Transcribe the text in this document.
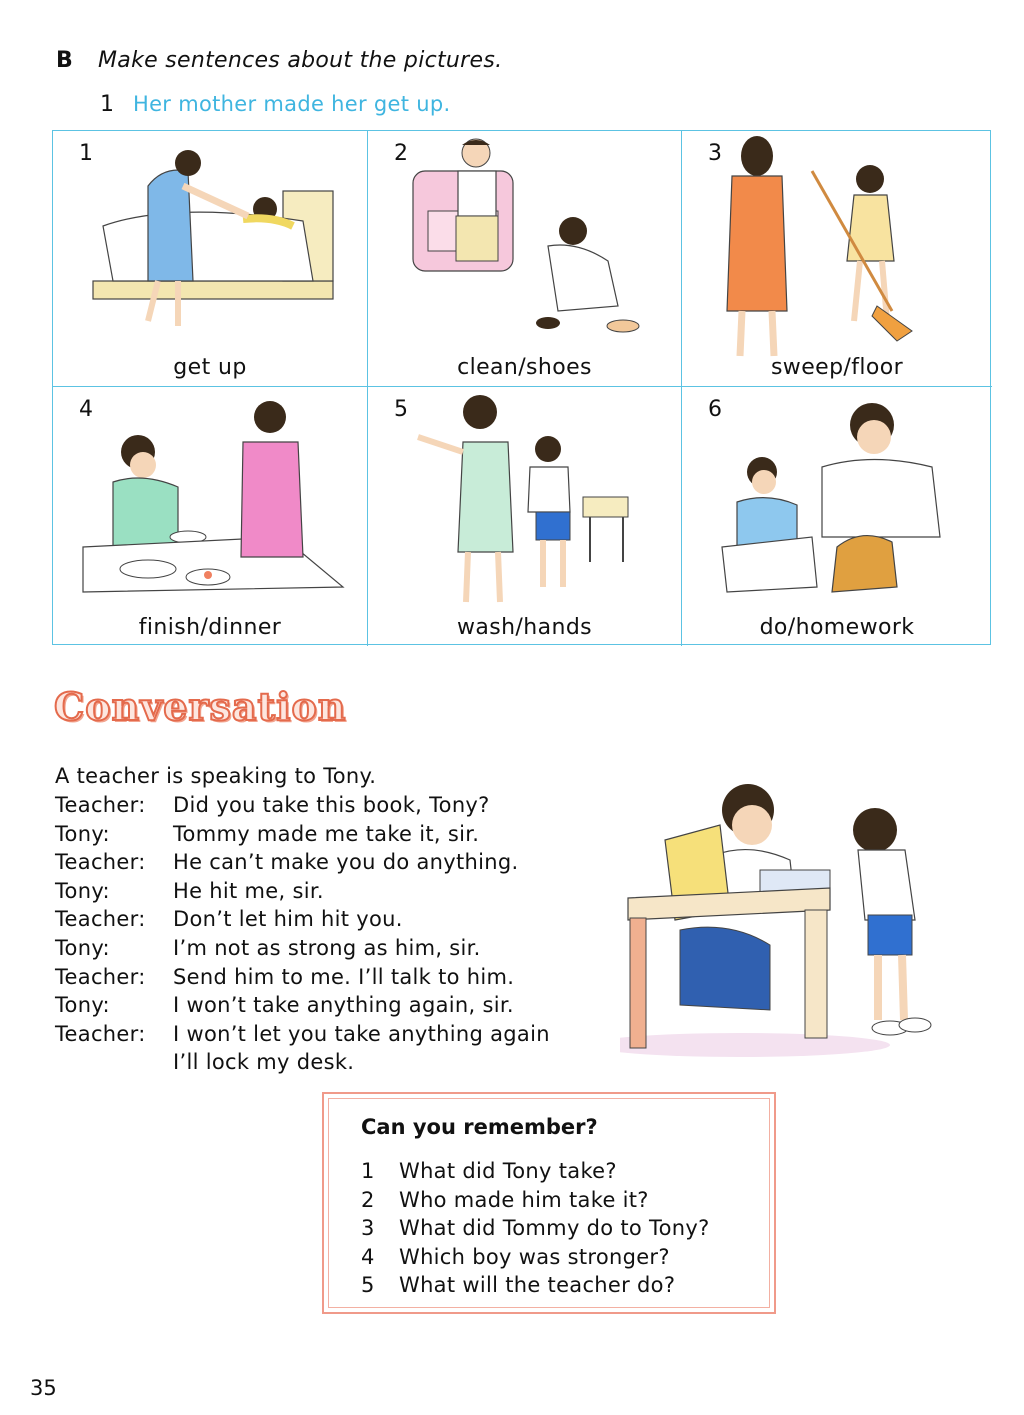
B Make sentences about the pictures.
1 Her mother made her get up.
1
get up
2
clean/shoes
3
sweep/floor
4
finish/dinner
5
wash/hands
6
do/homework
Conversation
A teacher is speaking to Tony.
Teacher:	Did you take this book, Tony?
Tony:	Tommy made me take it, sir.
Teacher:	He can’t make you do anything.
Tony:	He hit me, sir.
Teacher:	Don’t let him hit you.
Tony:	I’m not as strong as him, sir.
Teacher:	Send him to me. I’ll talk to him.
Tony:	I won’t take anything again, sir.
Teacher:	I won’t let you take anything again
I’ll lock my desk.
Can you remember?
1	What did Tony take?
2	Who made him take it?
3	What did Tommy do to Tony?
4	Which boy was stronger?
5	What will the teacher do?
35
